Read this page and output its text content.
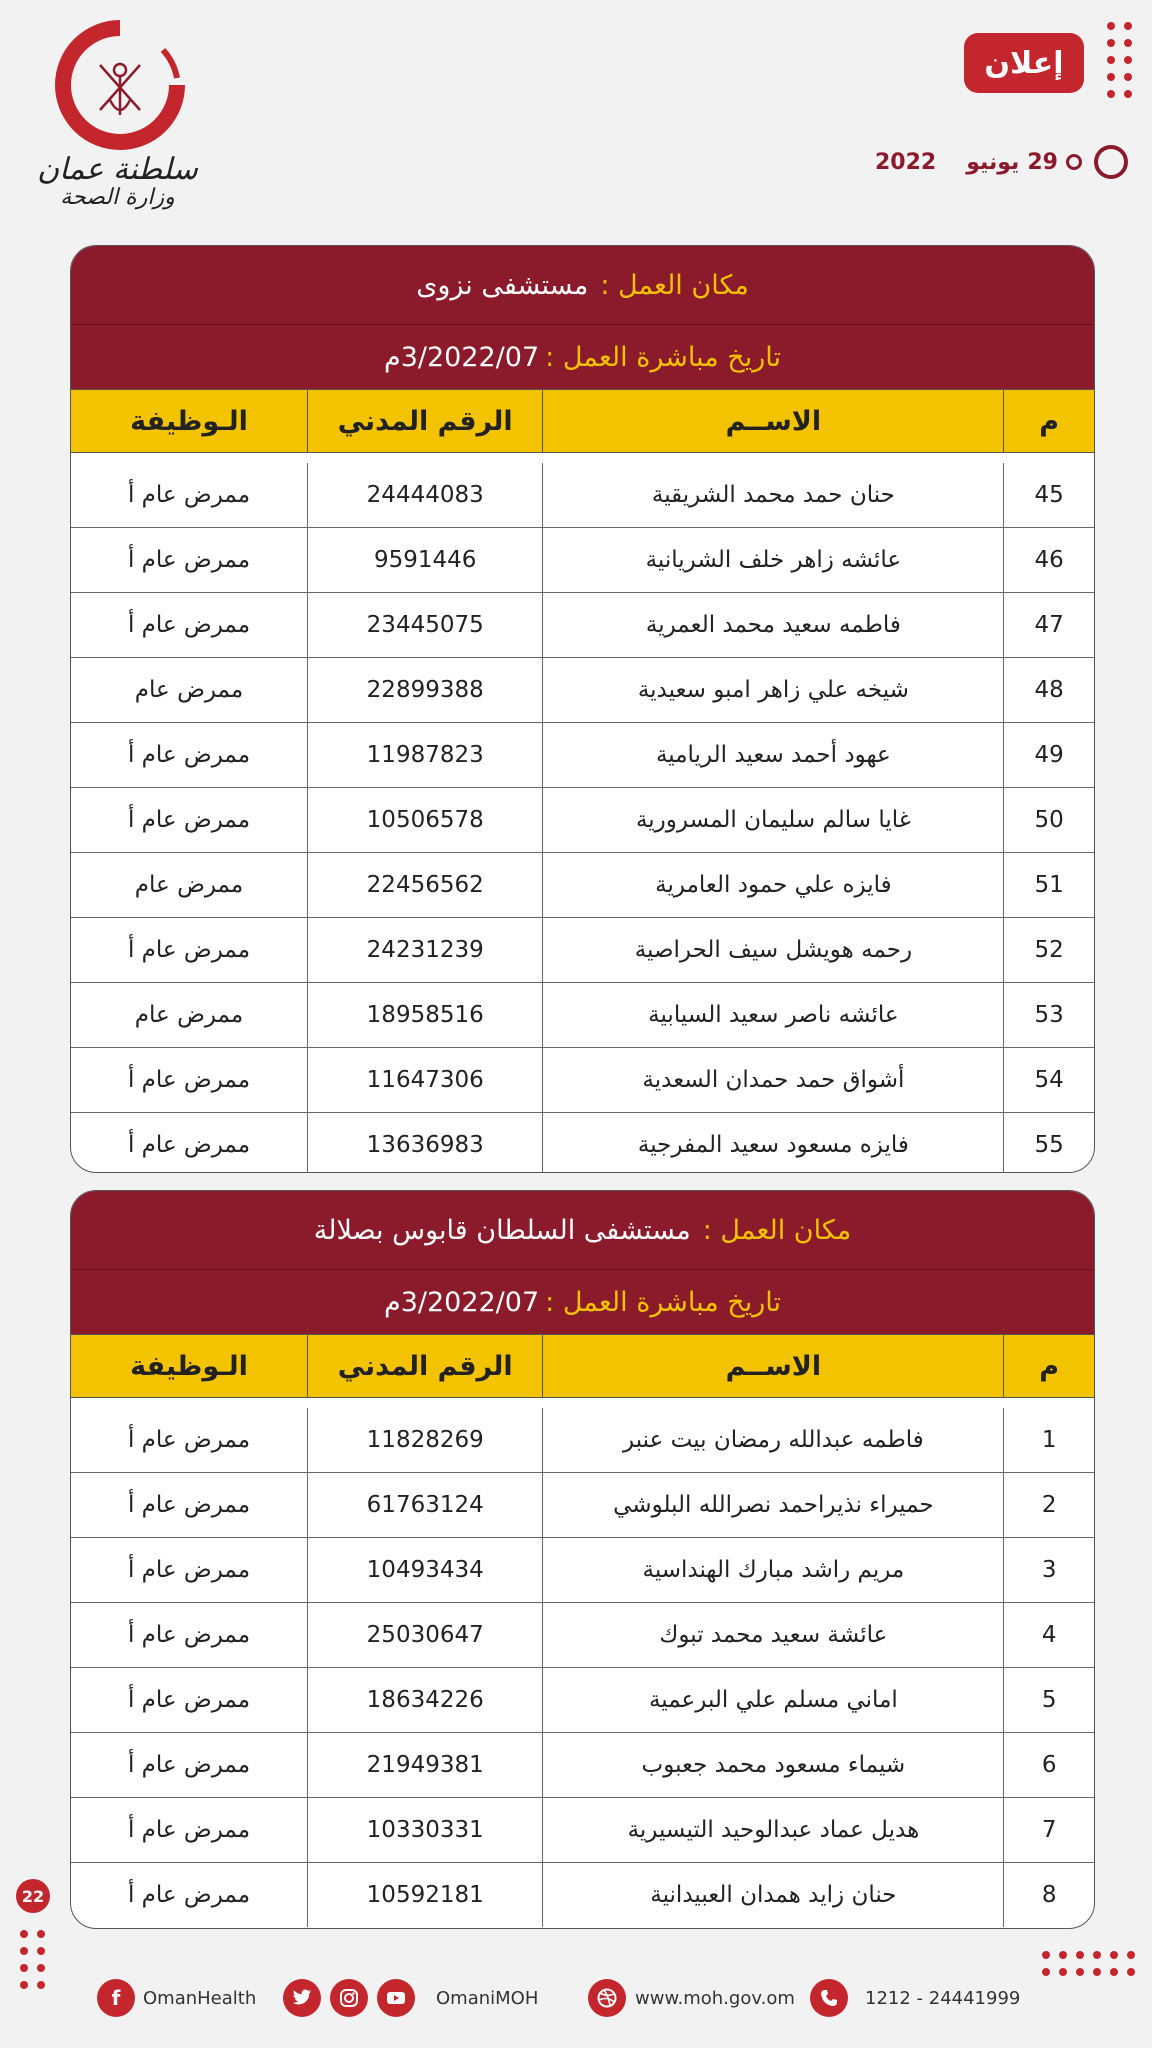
سلطنة عمان
وزارة الصحة
إعلان
2022 يونيو 29
مكان العمل :
مستشفى نزوى
تاريخ مباشرة العمل :
3/2022/07م
م	الاســم	الرقم المدني	الـوظيفة

45	حنان حمد محمد الشريقية	24444083	ممرض عام أ
46	عائشه زاهر خلف الشريانية	9591446	ممرض عام أ
47	فاطمه سعيد محمد العمرية	23445075	ممرض عام أ
48	شيخه علي زاهر امبو سعيدية	22899388	ممرض عام
49	عهود أحمد سعيد الريامية	11987823	ممرض عام أ
50	غايا سالم سليمان المسرورية	10506578	ممرض عام أ
51	فايزه علي حمود العامرية	22456562	ممرض عام
52	رحمه هويشل سيف الحراصية	24231239	ممرض عام أ
53	عائشه ناصر سعيد السيابية	18958516	ممرض عام
54	أشواق حمد حمدان السعدية	11647306	ممرض عام أ
55	فايزه مسعود سعيد المفرجية	13636983	ممرض عام أ
مكان العمل :
مستشفى السلطان قابوس بصلالة
تاريخ مباشرة العمل :
3/2022/07م
م	الاســم	الرقم المدني	الـوظيفة

1	فاطمه عبدالله رمضان بيت عنبر	11828269	ممرض عام أ
2	حميراء نذيراحمد نصرالله البلوشي	61763124	ممرض عام أ
3	مريم راشد مبارك الهنداسية	10493434	ممرض عام أ
4	عائشة سعيد محمد تبوك	25030647	ممرض عام أ
5	اماني مسلم علي البرعمية	18634226	ممرض عام أ
6	شيماء مسعود محمد جعبوب	21949381	ممرض عام أ
7	هديل عماد عبدالوحيد التيسيرية	10330331	ممرض عام أ
8	حنان زايد همدان العبيدانية	10592181	ممرض عام أ
22
f	OmanHealth	OmaniMOH	www.moh.gov.om	1212 - 24441999
